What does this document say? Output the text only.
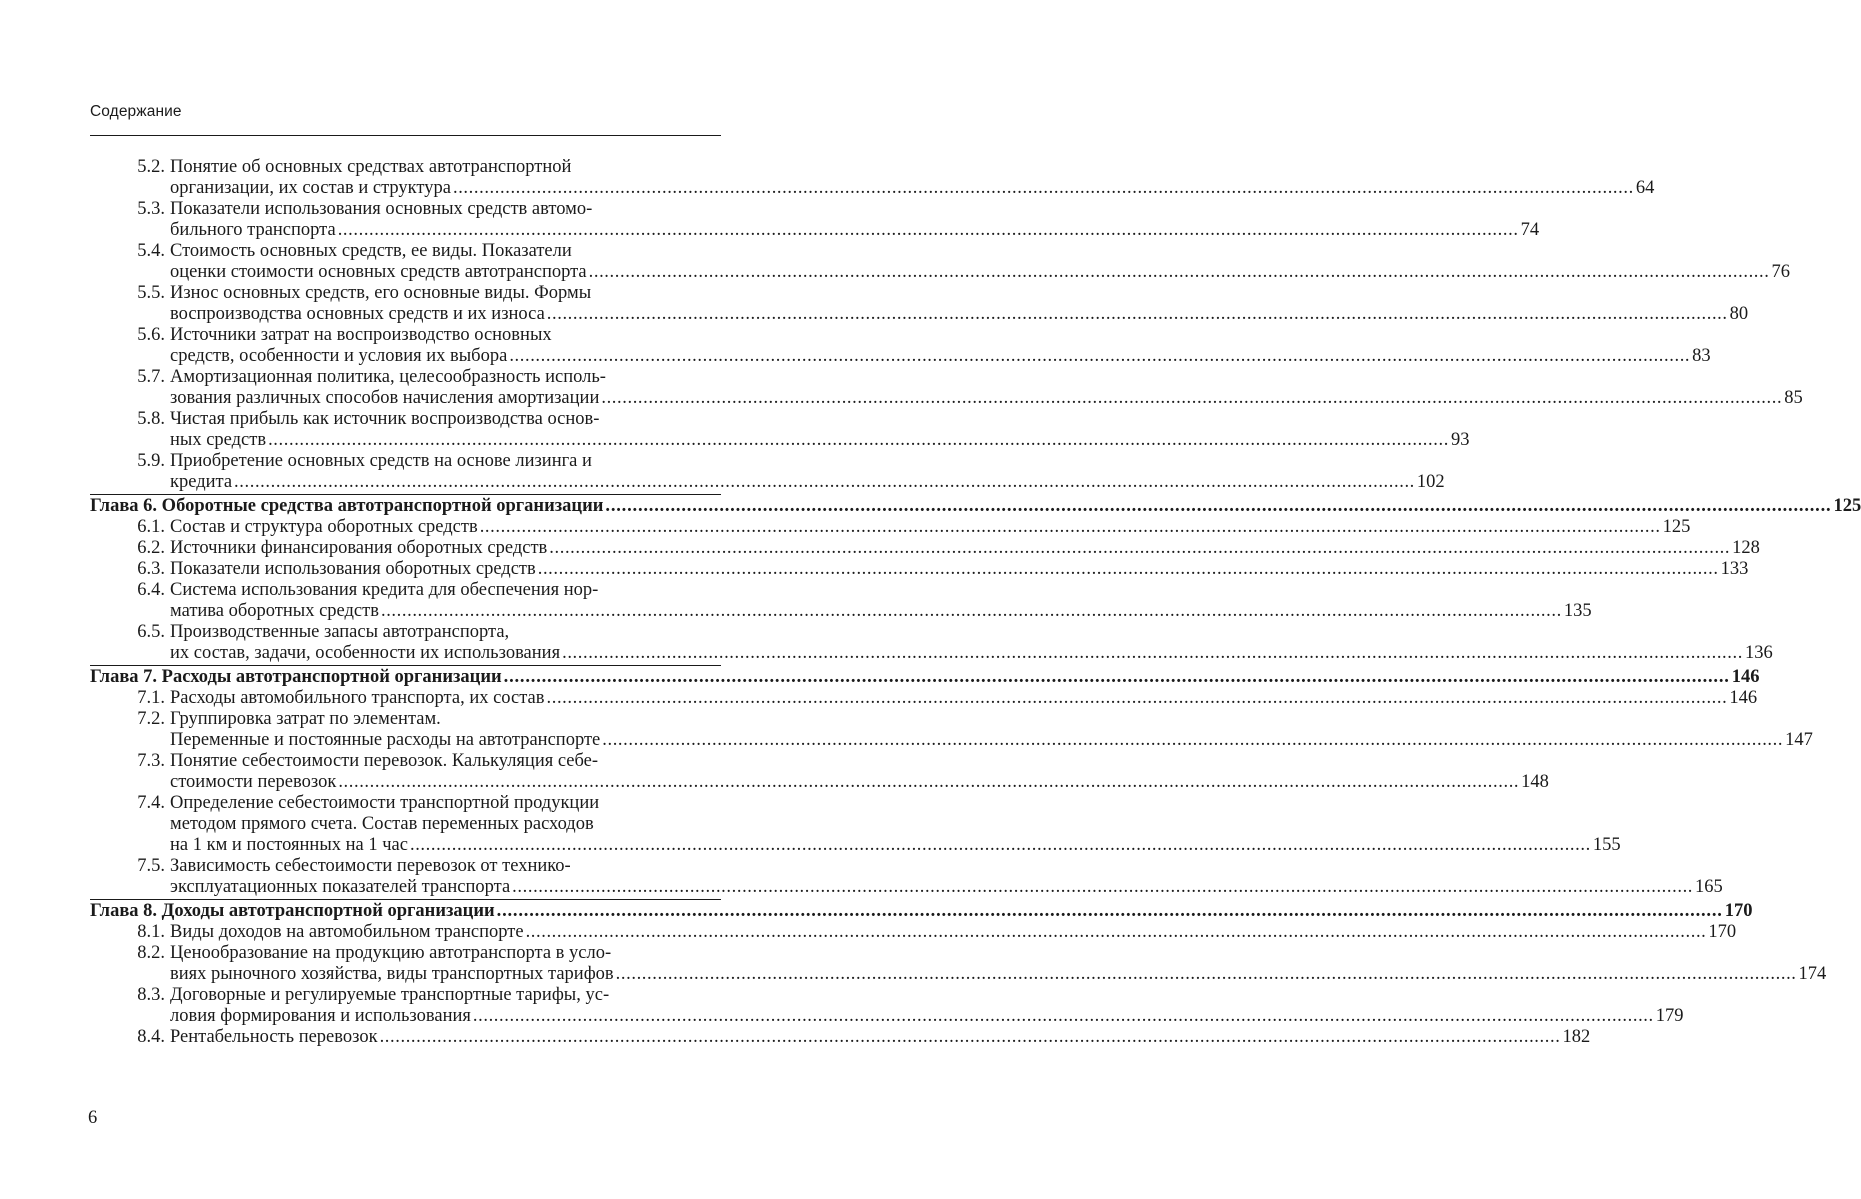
Содержание
5.2. Понятие об основных средствах автотранспортной
организации, их состав и структура .....	64
5.3. Показатели использования основных средств автомо-
бильного транспорта .....	74
5.4. Стоимость основных средств, ее виды. Показатели
оценки стоимости основных средств автотранспорта .....	76
5.5. Износ основных средств, его основные виды. Формы
воспроизводства основных средств и их износа .....	80
5.6. Источники затрат на воспроизводство основных
средств, особенности и условия их выбора .....	83
5.7. Амортизационная политика, целесообразность исполь-
зования различных способов начисления амортизации .....	85
5.8. Чистая прибыль как источник воспроизводства основ-
ных средств .....	93
5.9. Приобретение основных средств на основе лизинга и
кредита .....	102
Глава 6. Оборотные средства автотранспортной организации .....	125
6.1. Состав и структура оборотных средств .....	125
6.2. Источники финансирования оборотных средств .....	128
6.3. Показатели использования оборотных средств .....	133
6.4. Система использования кредита для обеспечения нор-
матива оборотных средств .....	135
6.5. Производственные запасы автотранспорта,
их состав, задачи, особенности их использования .....	136
Глава 7. Расходы автотранспортной организации .....	146
7.1. Расходы автомобильного транспорта, их состав .....	146
7.2. Группировка затрат по элементам.
Переменные и постоянные расходы на автотранспорте .....	147
7.3. Понятие себестоимости перевозок. Калькуляция себе-
стоимости перевозок .....	148
7.4. Определение себестоимости транспортной продукции
методом прямого счета. Состав переменных расходов
на 1 км и постоянных на 1 час .....	155
7.5. Зависимость себестоимости перевозок от технико-
эксплуатационных показателей транспорта .....	165
Глава 8. Доходы автотранспортной организации .....	170
8.1. Виды доходов на автомобильном транспорте .....	170
8.2. Ценообразование на продукцию автотранспорта в усло-
виях рыночного хозяйства, виды транспортных тарифов .....	174
8.3. Договорные и регулируемые транспортные тарифы, ус-
ловия формирования и использования .....	179
8.4. Рентабельность перевозок .....	182
6
